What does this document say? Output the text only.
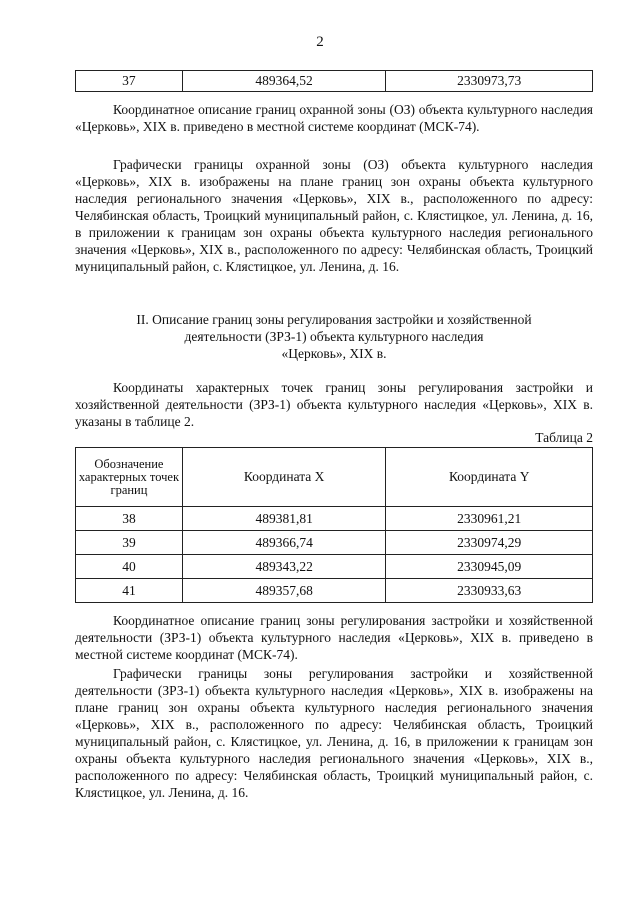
2
37	489364,52	2330973,73

Координатное описание границ охранной зоны (ОЗ) объекта культурного наследия «Церковь», XIX в. приведено в местной системе координат (МСК-74).

Графически границы охранной зоны (ОЗ) объекта культурного наследия «Церковь», XIX в. изображены на плане границ зон охраны объекта культурного наследия регионального значения «Церковь», XIX в., расположенного по адресу: Челябинская область, Троицкий муниципальный район, с. Клястицкое, ул. Ленина, д. 16, в приложении к границам зон охраны объекта культурного наследия регионального значения «Церковь», XIX в., расположенного по адресу: Челябинская область, Троицкий муниципальный район, с. Клястицкое, ул. Ленина, д. 16.

II. Описание границ зоны регулирования застройки и хозяйственной
деятельности (ЗРЗ-1) объекта культурного наследия
«Церковь», XIX в.

Координаты характерных точек границ зоны регулирования застройки и хозяйственной деятельности (ЗРЗ-1) объекта культурного наследия «Церковь», XIX в. указаны в таблице 2.

Таблица 2
Обозначение характерных точек границ	Координата X	Координата Y
38	489381,81	2330961,21
39	489366,74	2330974,29
40	489343,22	2330945,09
41	489357,68	2330933,63

Координатное описание границ зоны регулирования застройки и хозяйственной деятельности (ЗРЗ-1) объекта культурного наследия «Церковь», XIX в. приведено в местной системе координат (МСК-74).

Графически границы зоны регулирования застройки и хозяйственной деятельности (ЗРЗ-1) объекта культурного наследия «Церковь», XIX в. изображены на плане границ зон охраны объекта культурного наследия регионального значения «Церковь», XIX в., расположенного по адресу: Челябинская область, Троицкий муниципальный район, с. Клястицкое, ул. Ленина, д. 16, в приложении к границам зон охраны объекта культурного наследия регионального значения «Церковь», XIX в., расположенного по адресу: Челябинская область, Троицкий муниципальный район, с. Клястицкое, ул. Ленина, д. 16.
